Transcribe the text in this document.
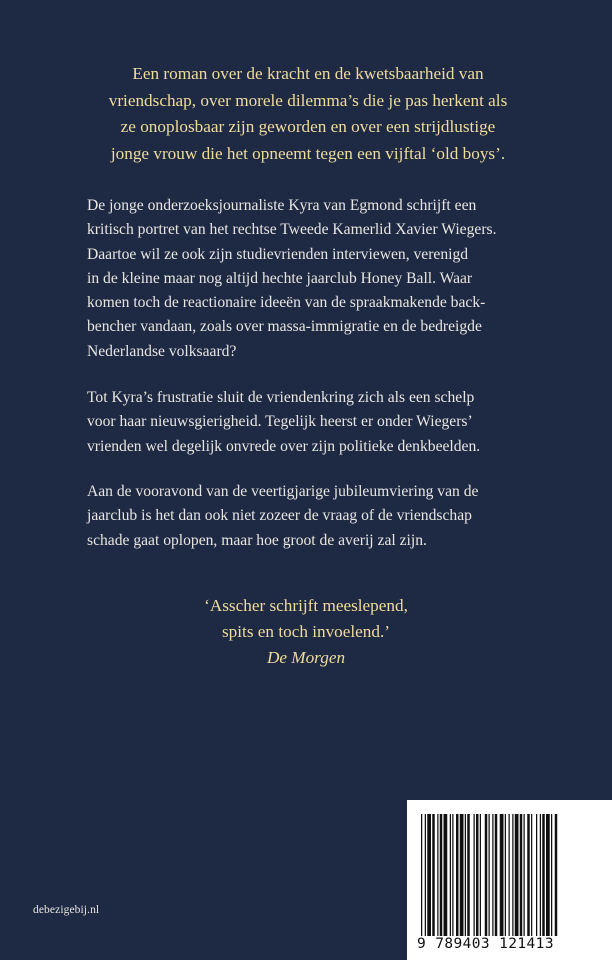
Een roman over de kracht en de kwetsbaarheid van
vriendschap, over morele dilemma’s die je pas herkent als
ze onoplosbaar zijn geworden en over een strijdlustige
jonge vrouw die het opneemt tegen een vijftal ‘old boys’.

De jonge onderzoeksjournaliste Kyra van Egmond schrijft een
kritisch portret van het rechtse Tweede Kamerlid Xavier Wiegers.
Daartoe wil ze ook zijn studievrienden interviewen, verenigd
in de kleine maar nog altijd hechte jaarclub Honey Ball. Waar
komen toch de reactionaire ideeën van de spraakmakende back-
bencher vandaan, zoals over massa-immigratie en de bedreigde
Nederlandse volksaard?

Tot Kyra’s frustratie sluit de vriendenkring zich als een schelp
voor haar nieuwsgierigheid. Tegelijk heerst er onder Wiegers’
vrienden wel degelijk onvrede over zijn politieke denkbeelden.

Aan de vooravond van de veertigjarige jubileumviering van de
jaarclub is het dan ook niet zozeer de vraag of de vriendschap
schade gaat oplopen, maar hoe groot de averij zal zijn.

‘Asscher schrijft meeslepend,
spits en toch invoelend.’
De Morgen

debezigebij.nl
9 789403 121413
